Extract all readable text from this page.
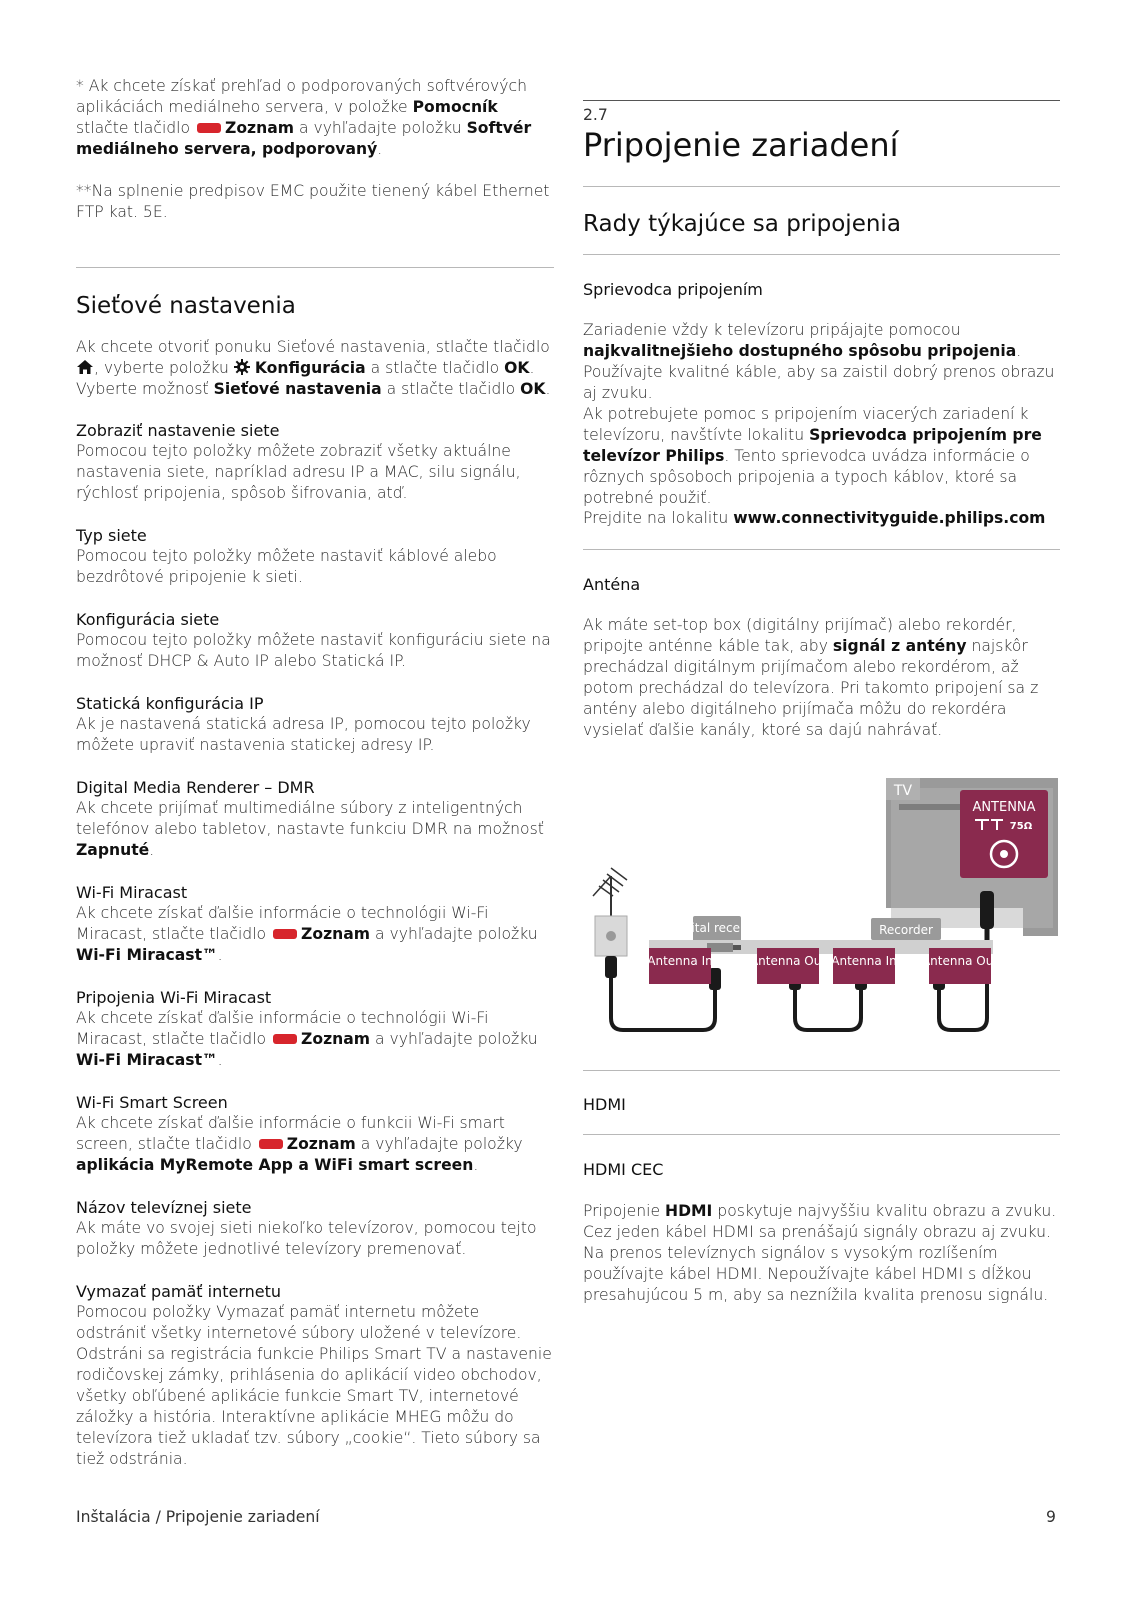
* Ak chcete získať prehľad o podporovaných softvérových aplikáciách mediálneho servera, v položke Pomocník stlačte tlačidlo Zoznam a vyhľadajte položku Softvér mediálneho servera, podporovaný.

**Na splnenie predpisov EMC použite tienený kábel Ethernet FTP kat. 5E.

Sieťové nastavenia

Ak chcete otvoriť ponuku Sieťové nastavenia, stlačte tlačidlo , vyberte položku Konfigurácia a stlačte tlačidlo OK. Vyberte možnosť Sieťové nastavenia a stlačte tlačidlo OK.

Zobraziť nastavenie siete

Pomocou tejto položky môžete zobraziť všetky aktuálne nastavenia siete, napríklad adresu IP a MAC, silu signálu, rýchlosť pripojenia, spôsob šifrovania, atď.

Typ siete

Pomocou tejto položky môžete nastaviť káblové alebo bezdrôtové pripojenie k sieti.

Konfigurácia siete

Pomocou tejto položky môžete nastaviť konfiguráciu siete na možnosť DHCP & Auto IP alebo Statická IP.

Statická konfigurácia IP

Ak je nastavená statická adresa IP, pomocou tejto položky môžete upraviť nastavenia statickej adresy IP.

Digital Media Renderer – DMR

Ak chcete prijímať multimediálne súbory z inteligentných telefónov alebo tabletov, nastavte funkciu DMR na možnosť Zapnuté.

Wi-Fi Miracast

Ak chcete získať ďalšie informácie o technológii Wi-Fi Miracast, stlačte tlačidlo Zoznam a vyhľadajte položku Wi-Fi Miracast™.

Pripojenia Wi-Fi Miracast

Ak chcete získať ďalšie informácie o technológii Wi-Fi Miracast, stlačte tlačidlo Zoznam a vyhľadajte položku Wi-Fi Miracast™.

Wi-Fi Smart Screen

Ak chcete získať ďalšie informácie o funkcii Wi-Fi smart screen, stlačte tlačidlo Zoznam a vyhľadajte položky aplikácia MyRemote App a WiFi smart screen.

Názov televíznej siete

Ak máte vo svojej sieti niekoľko televízorov, pomocou tejto položky môžete jednotlivé televízory premenovať.

Vymazať pamäť internetu

Pomocou položky Vymazať pamäť internetu môžete odstrániť všetky internetové súbory uložené v televízore. Odstráni sa registrácia funkcie Philips Smart TV a nastavenie rodičovskej zámky, prihlásenia do aplikácií video obchodov, všetky obľúbené aplikácie funkcie Smart TV, internetové záložky a história. Interaktívne aplikácie MHEG môžu do televízora tiež ukladať tzv. súbory „cookie“. Tieto súbory sa tiež odstránia.

2.7
Pripojenie zariadení
Rady týkajúce sa pripojenia
Sprievodca pripojením

Zariadenie vždy k televízoru pripájajte pomocou najkvalitnejšieho dostupného spôsobu pripojenia. Používajte kvalitné káble, aby sa zaistil dobrý prenos obrazu aj zvuku.

Ak potrebujete pomoc s pripojením viacerých zariadení k televízoru, navštívte lokalitu Sprievodca pripojením pre televízor Philips. Tento sprievodca uvádza informácie o rôznych spôsoboch pripojenia a typoch káblov, ktoré sa potrebné použiť.

Prejdite na lokalitu www.connectivityguide.philips.com

Anténa

Ak máte set-top box (digitálny prijímač) alebo rekordér, pripojte anténne káble tak, aby signál z antény najskôr prechádzal digitálnym prijímačom alebo rekordérom, až potom prechádzal do televízora. Pri takomto pripojení sa z antény alebo digitálneho prijímača môžu do rekordéra vysielať ďalšie kanály, ktoré sa dajú nahrávať.

TV
ANTENNA
75Ω
Digital receiver
Antenna In	Antenna Out
Recorder
Antenna In Antenna Out
HDMI
HDMI CEC

Pripojenie HDMI poskytuje najvyššiu kvalitu obrazu a zvuku. Cez jeden kábel HDMI sa prenášajú signály obrazu aj zvuku. Na prenos televíznych signálov s vysokým rozlíšením používajte kábel HDMI. Nepoužívajte kábel HDMI s dĺžkou presahujúcou 5 m, aby sa neznížila kvalita prenosu signálu.

Inštalácia / Pripojenie zariadení	9
